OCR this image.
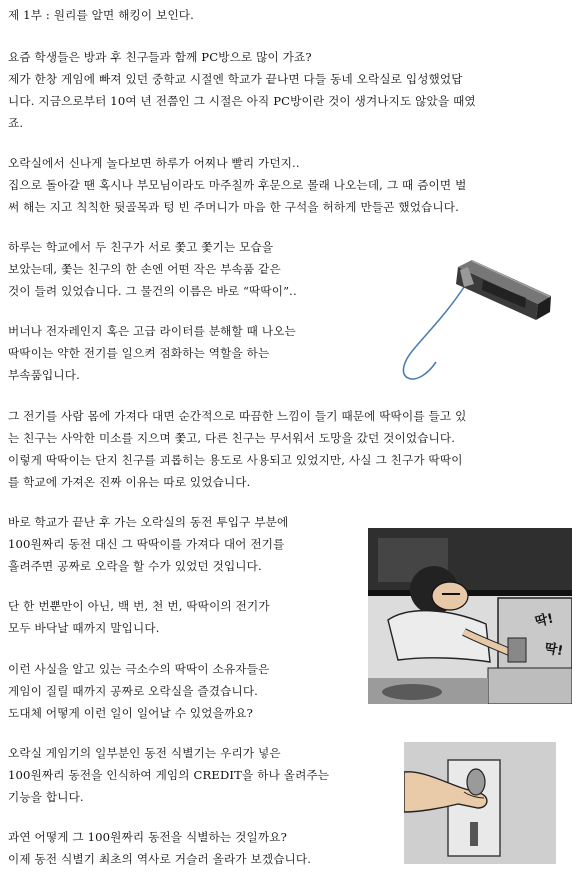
제 1부 : 원리를 알면 해킹이 보인다.
요즘 학생들은 방과 후 친구들과 함께 PC방으로 많이 가죠?
제가 한창 게임에 빠져 있던 중학교 시절엔 학교가 끝나면 다들 동네 오락실로 입성했었답
니다. 지금으로부터 10여 년 전쯤인 그 시절은 아직 PC방이란 것이 생겨나지도 않았을 때였
죠.
오락실에서 신나게 놀다보면 하루가 어찌나 빨리 가던지..
집으로 돌아갈 땐 혹시나 부모님이라도 마주칠까 후문으로 몰래 나오는데, 그 때 즘이면 벌
써 해는 지고 칙칙한 뒷골목과 텅 빈 주머니가 마음 한 구석을 허하게 만들곤 했었습니다.
하루는 학교에서 두 친구가 서로 쫓고 쫓기는 모습을
보았는데, 쫓는 친구의 한 손엔 어떤 작은 부속품 같은
것이 들려 있었습니다. 그 물건의 이름은 바로 “딱딱이”..
버너나 전자레인지 혹은 고급 라이터를 분해할 때 나오는
딱딱이는 약한 전기를 일으켜 점화하는 역할을 하는
부속품입니다.
그 전기를 사람 몸에 가져다 대면 순간적으로 따끔한 느낌이 들기 때문에 딱딱이를 들고 있
는 친구는 사악한 미소를 지으며 쫓고, 다른 친구는 무서워서 도망을 갔던 것이었습니다.
이렇게 딱딱이는 단지 친구를 괴롭히는 용도로 사용되고 있었지만, 사실 그 친구가 딱딱이
를 학교에 가져온 진짜 이유는 따로 있었습니다.
바로 학교가 끝난 후 가는 오락실의 동전 투입구 부분에
100원짜리 동전 대신 그 딱딱이를 가져다 대어 전기를
흘려주면 공짜로 오락을 할 수가 있었던 것입니다.
딱!
딱!
단 한 번뿐만이 아닌, 백 번, 천 번, 딱딱이의 전기가
모두 바닥날 때까지 말입니다.
이런 사실을 알고 있는 극소수의 딱딱이 소유자들은
게임이 질릴 때까지 공짜로 오락실을 즐겼습니다.
도대체 어떻게 이런 일이 일어날 수 있었을까요?
오락실 게임기의 일부분인 동전 식별기는 우리가 넣은
100원짜리 동전을 인식하여 게임의 CREDIT을 하나 올려주는
기능을 합니다.
과연 어떻게 그 100원짜리 동전을 식별하는 것일까요?
이제 동전 식별기 최초의 역사로 거슬러 올라가 보겠습니다.
